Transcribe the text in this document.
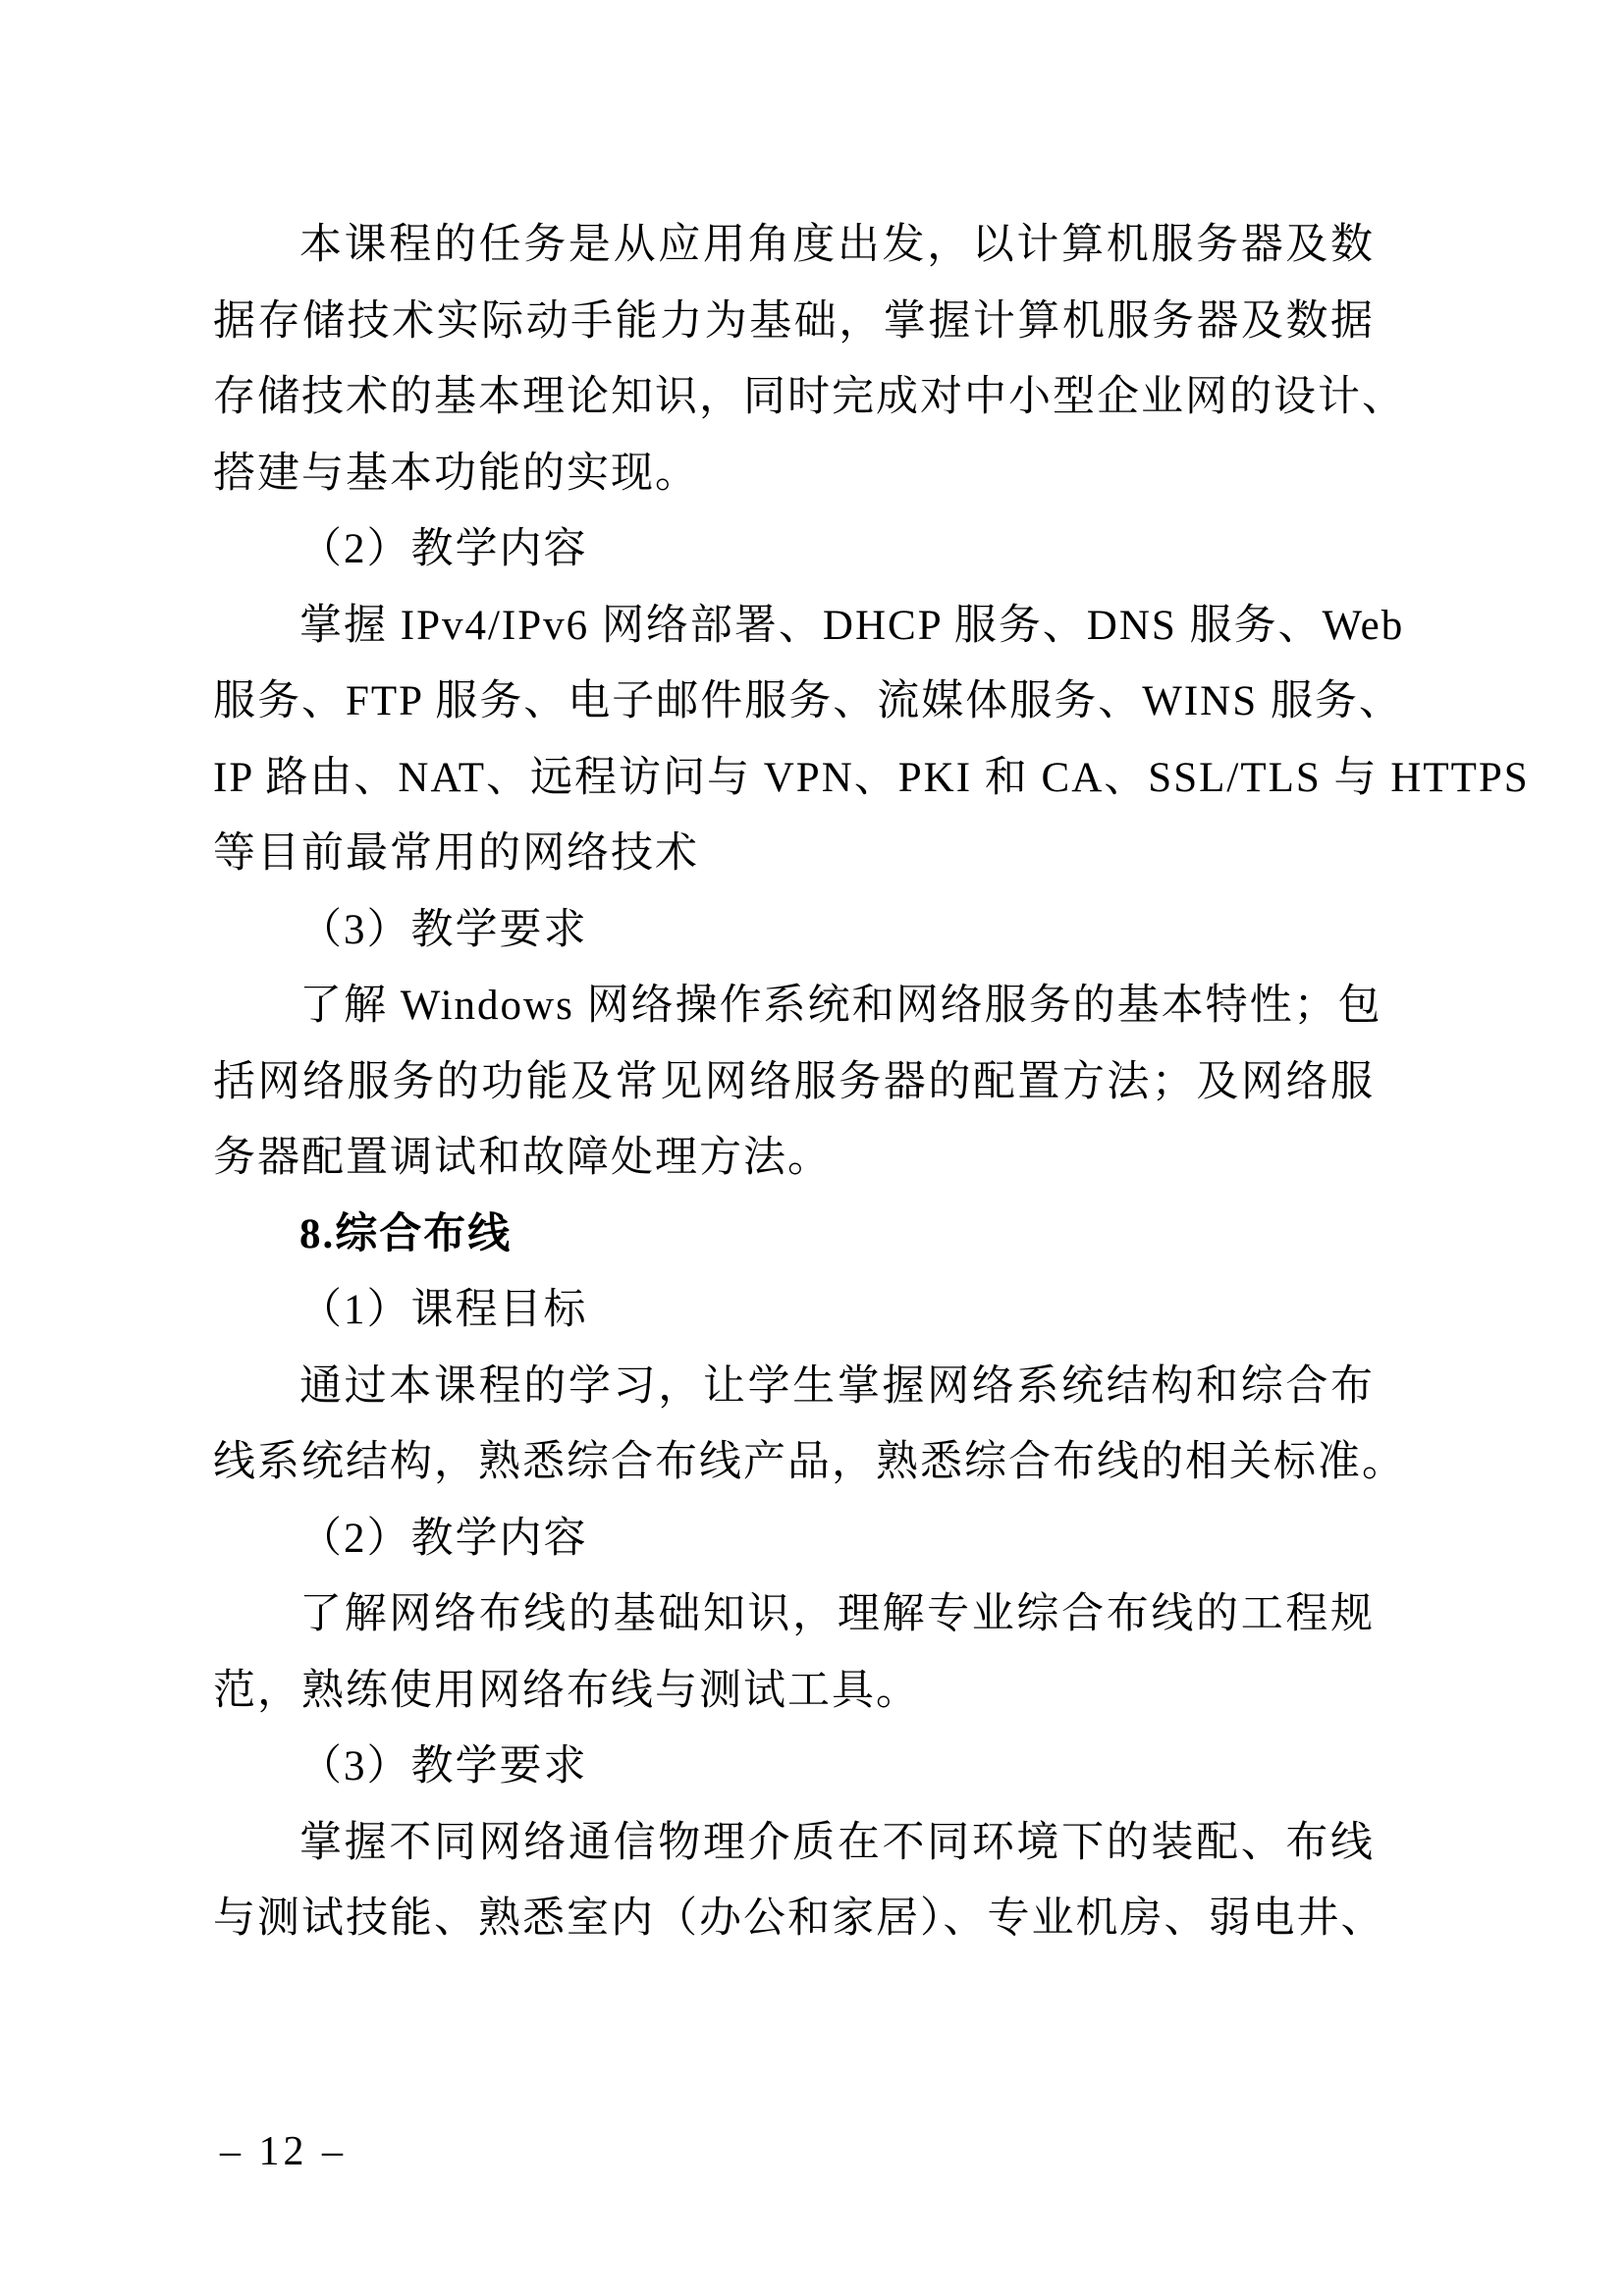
本课程的任务是从应用角度出发，以计算机服务器及数
据存储技术实际动手能力为基础，掌握计算机服务器及数据
存储技术的基本理论知识，同时完成对中小型企业网的设计、
搭建与基本功能的实现。
（2）教学内容
掌握 IPv4/IPv6 网络部署、DHCP 服务、DNS 服务、Web
服务、FTP 服务、电子邮件服务、流媒体服务、WINS 服务、
IP 路由、NAT、远程访问与 VPN、PKI 和 CA、SSL/TLS 与 HTTPS
等目前最常用的网络技术
（3）教学要求
了解 Windows 网络操作系统和网络服务的基本特性；包
括网络服务的功能及常见网络服务器的配置方法；及网络服
务器配置调试和故障处理方法。
8.综合布线
（1）课程目标
通过本课程的学习，让学生掌握网络系统结构和综合布
线系统结构，熟悉综合布线产品，熟悉综合布线的相关标准。
（2）教学内容
了解网络布线的基础知识，理解专业综合布线的工程规
范，熟练使用网络布线与测试工具。
（3）教学要求
掌握不同网络通信物理介质在不同环境下的装配、布线
与测试技能、熟悉室内（办公和家居）、专业机房、弱电井、
– 12 –
